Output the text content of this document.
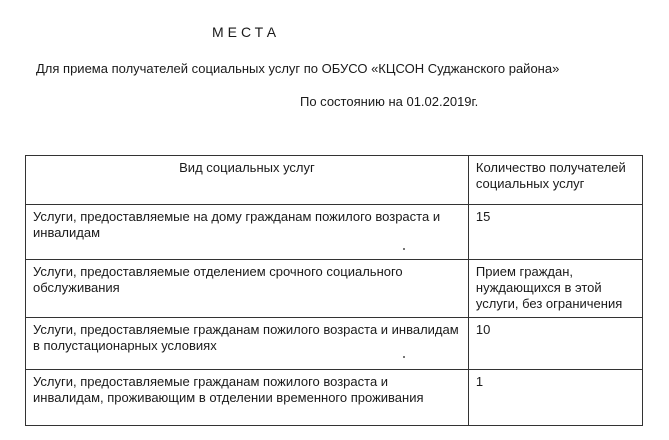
МЕСТА
Для приема получателей социальных услуг по ОБУСО «КЦСОН Суджанского района»
По состоянию на 01.02.2019г.
Вид социальных услуг	Количество получателей социальных услуг
Услуги, предоставляемые на дому гражданам пожилого возраста и инвалидам	15
Услуги, предоставляемые отделением срочного социального обслуживания	Прием граждан, нуждающихся в этой услуги, без ограничения
Услуги, предоставляемые гражданам пожилого возраста и инвалидам в полустационарных условиях	10
Услуги, предоставляемые гражданам пожилого возраста и инвалидам, проживающим в отделении временного проживания	1
